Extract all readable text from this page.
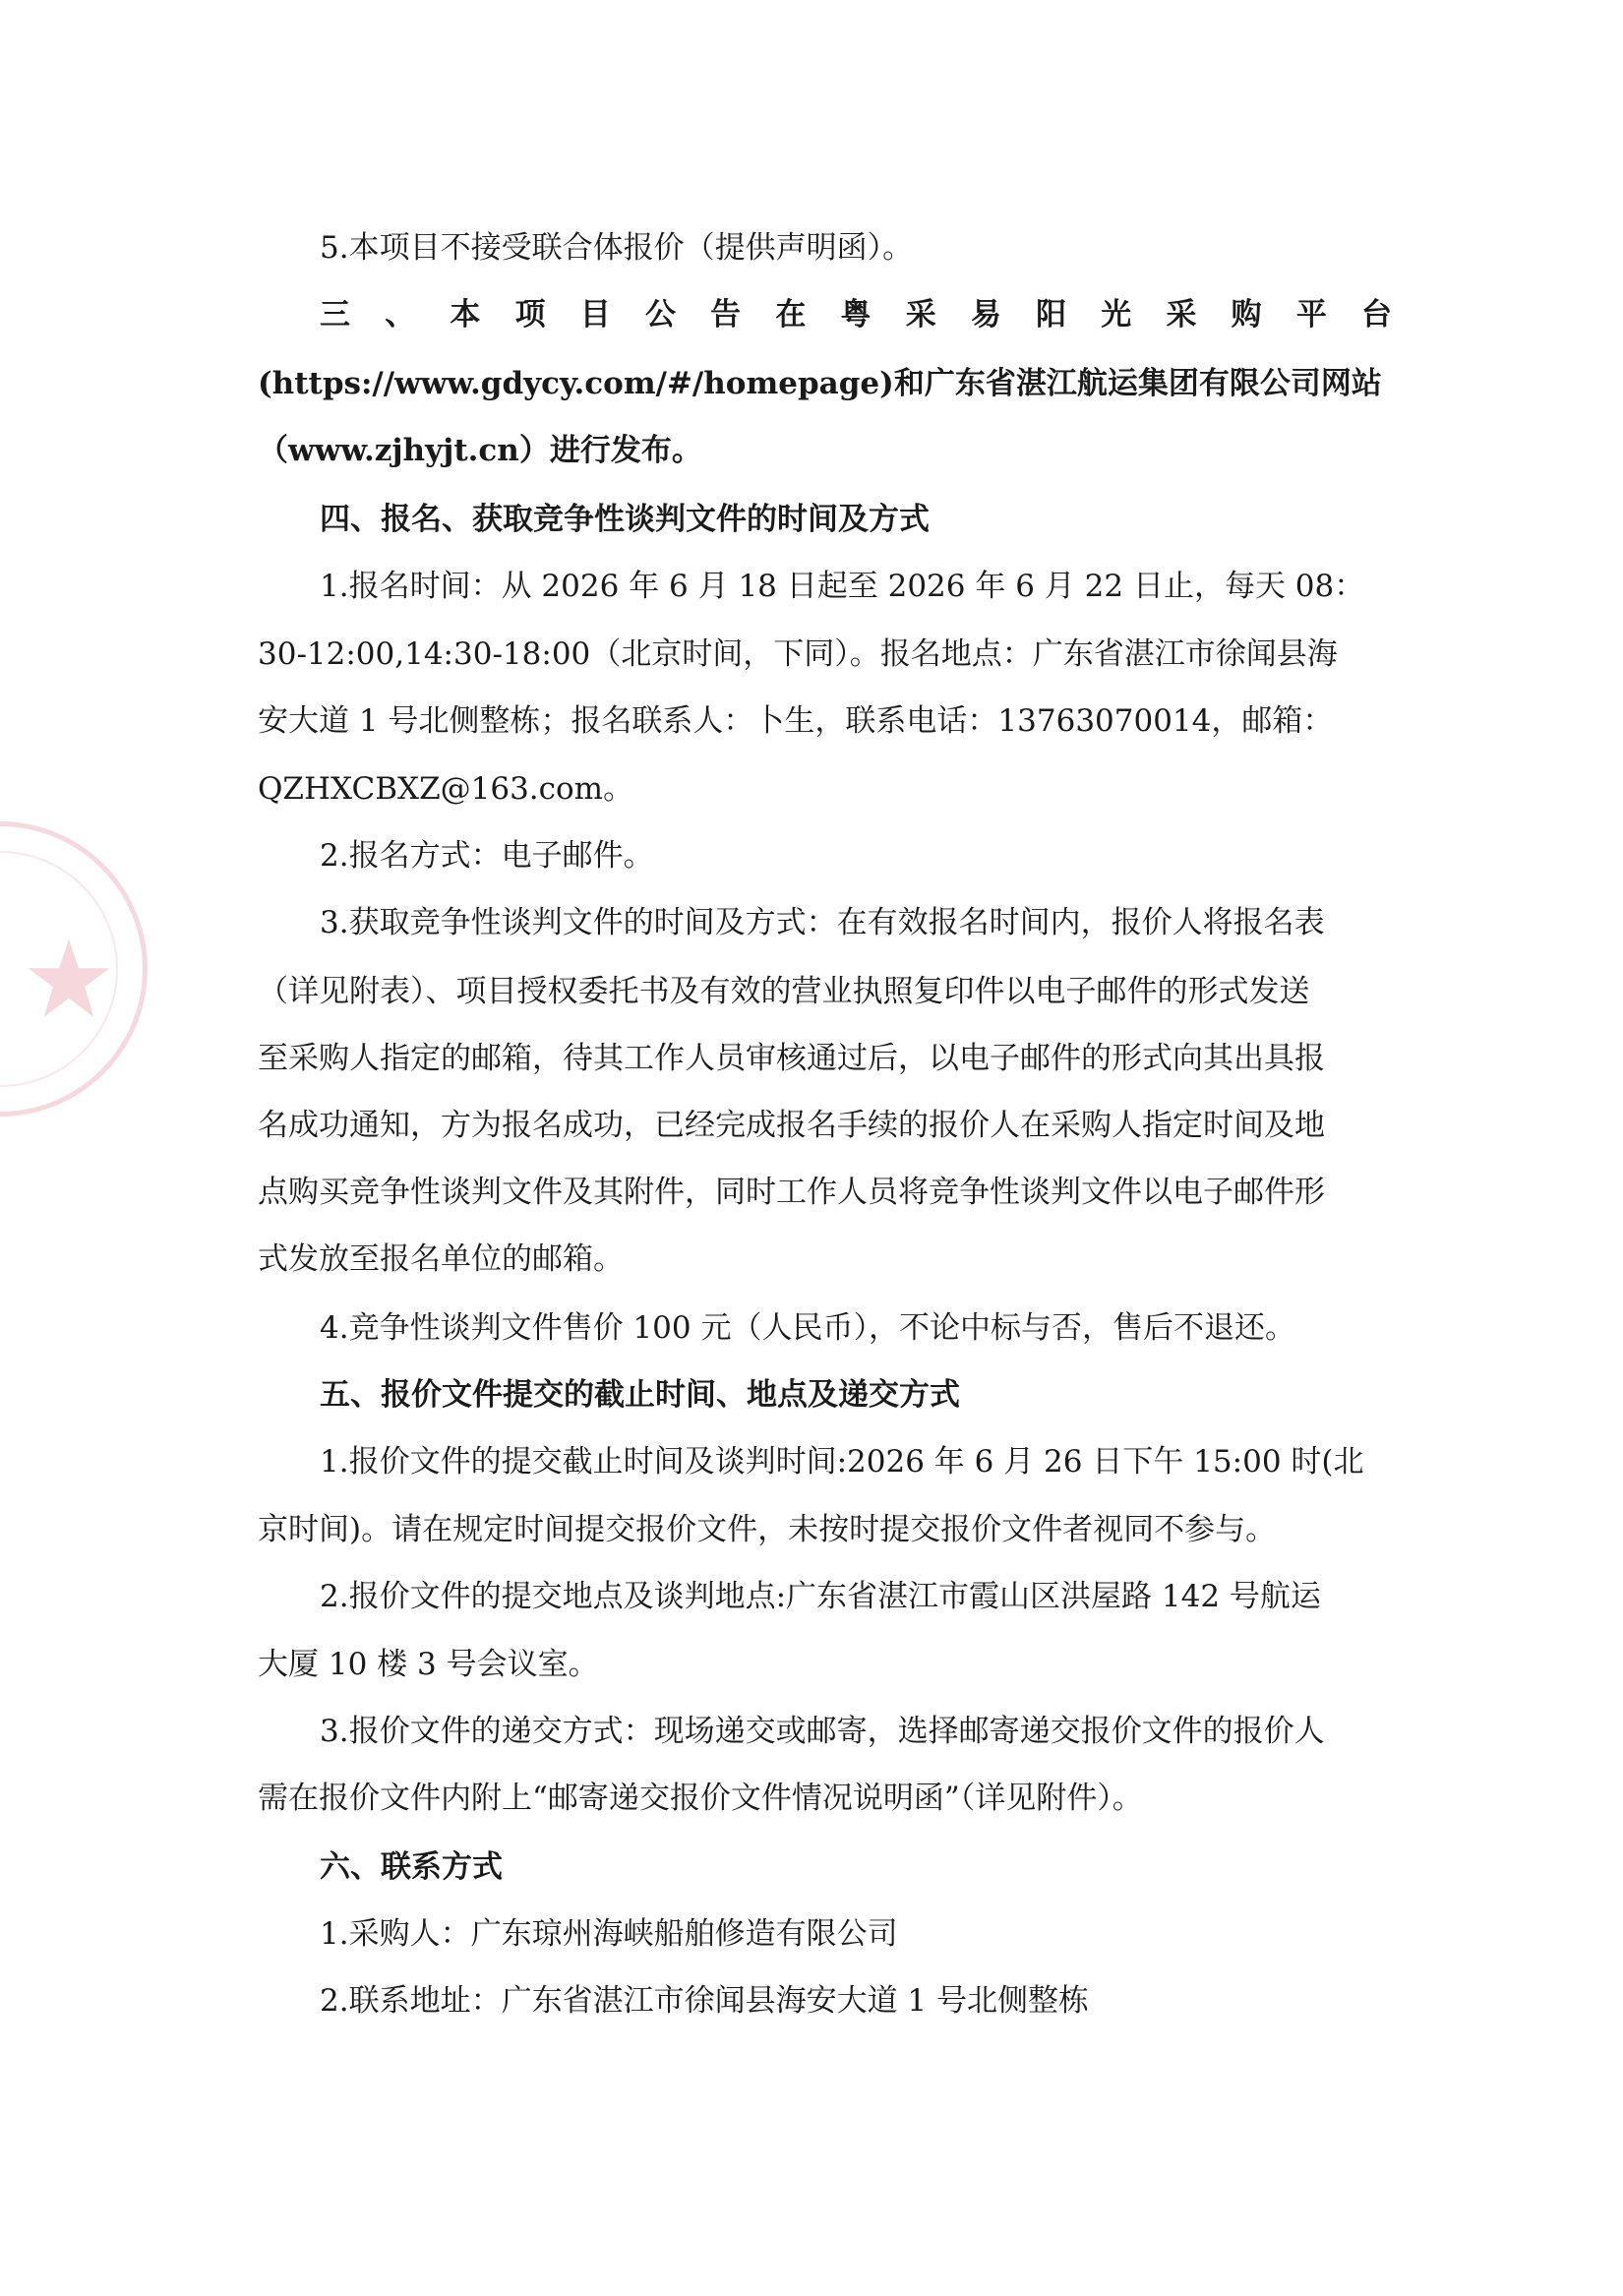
5.本项目不接受联合体报价（提供声明函）。
三 、 本 项 目 公 告 在 粤 采 易 阳 光 采 购 平 台
(https://www.gdycy.com/#/homepage)和广东省湛江航运集团有限公司网站
（www.zjhyjt.cn）进行发布。
四、报名、获取竞争性谈判文件的时间及方式
1.报名时间：从 2026 年 6 月 18 日起至 2026 年 6 月 22 日止，每天 08：
30-12:00,14:30-18:00（北京时间，下同）。报名地点：广东省湛江市徐闻县海
安大道 1 号北侧整栋；报名联系人：卜生，联系电话：13763070014，邮箱：
QZHXCBXZ@163.com。
2.报名方式：电子邮件。
3.获取竞争性谈判文件的时间及方式：在有效报名时间内，报价人将报名表
（详见附表）、项目授权委托书及有效的营业执照复印件以电子邮件的形式发送
至采购人指定的邮箱，待其工作人员审核通过后，以电子邮件的形式向其出具报
名成功通知，方为报名成功，已经完成报名手续的报价人在采购人指定时间及地
点购买竞争性谈判文件及其附件，同时工作人员将竞争性谈判文件以电子邮件形
式发放至报名单位的邮箱。
4.竞争性谈判文件售价 100 元（人民币），不论中标与否，售后不退还。
五、报价文件提交的截止时间、地点及递交方式
1.报价文件的提交截止时间及谈判时间:2026 年 6 月 26 日下午 15:00 时(北
京时间)。请在规定时间提交报价文件，未按时提交报价文件者视同不参与。
2.报价文件的提交地点及谈判地点:广东省湛江市霞山区洪屋路 142 号航运
大厦 10 楼 3 号会议室。
3.报价文件的递交方式：现场递交或邮寄，选择邮寄递交报价文件的报价人
需在报价文件内附上“邮寄递交报价文件情况说明函”（详见附件）。
六、联系方式
1.采购人：广东琼州海峡船舶修造有限公司
2.联系地址：广东省湛江市徐闻县海安大道 1 号北侧整栋
